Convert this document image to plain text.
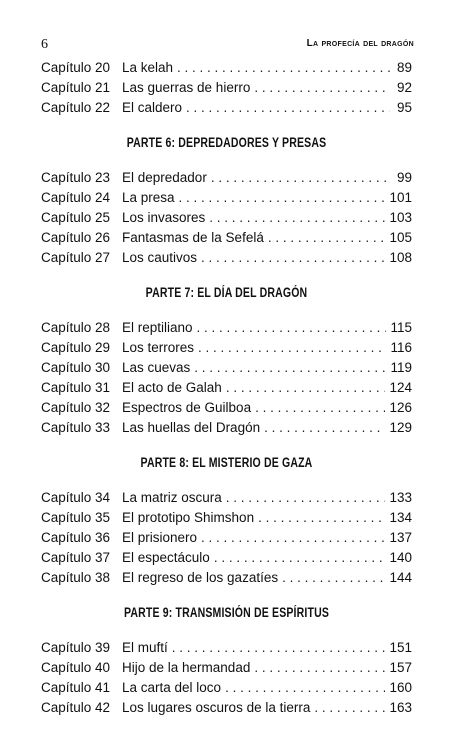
6	La profecía del dragón
Capítulo 20 La kelah . . .	89
Capítulo 21 Las guerras de hierro . . .	92
Capítulo 22 El caldero . . .	95
PARTE 6: DEPREDADORES Y PRESAS
Capítulo 23 El depredador . . .	99
Capítulo 24 La presa . . .	101
Capítulo 25 Los invasores . . .	103
Capítulo 26 Fantasmas de la Sefelá . . .	105
Capítulo 27 Los cautivos . . .	108
PARTE 7: EL DÍA DEL DRAGÓN
Capítulo 28 El reptiliano . . .	115
Capítulo 29 Los terrores . . .	116
Capítulo 30 Las cuevas . . .	119
Capítulo 31 El acto de Galah . . .	124
Capítulo 32 Espectros de Guilboa . . .	126
Capítulo 33 Las huellas del Dragón . . .	129
PARTE 8: EL MISTERIO DE GAZA
Capítulo 34 La matriz oscura . . .	133
Capítulo 35 El prototipo Shimshon . . .	134
Capítulo 36 El prisionero . . .	137
Capítulo 37 El espectáculo . . .	140
Capítulo 38 El regreso de los gazatíes . . .	144
PARTE 9: TRANSMISIÓN DE ESPÍRITUS
Capítulo 39 El muftí . . .	151
Capítulo 40 Hijo de la hermandad . . .	157
Capítulo 41 La carta del loco . . .	160
Capítulo 42 Los lugares oscuros de la tierra . . .	163
